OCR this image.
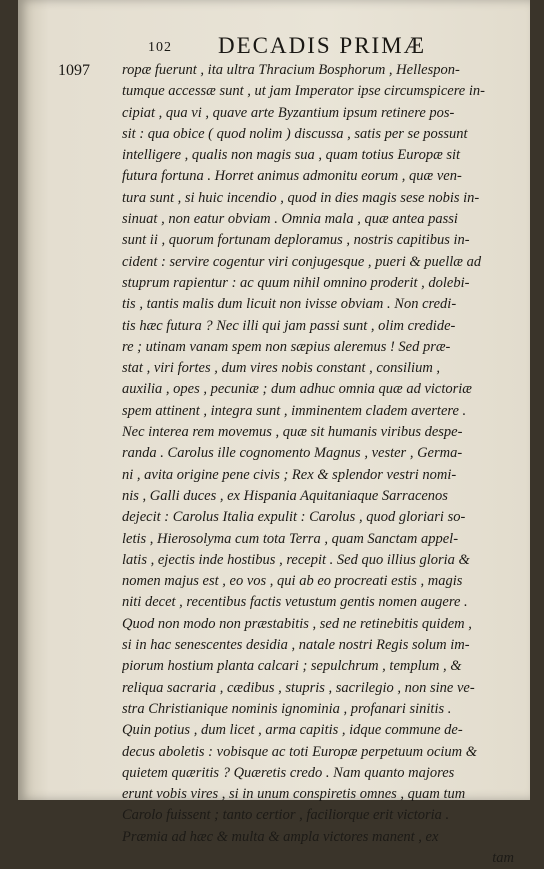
102 DECADIS PRIMÆ
1097 ropæ fuerunt , ita ultra Thracium Bosphorum , Hellespon-
tumque accessæ sunt , ut jam Imperator ipse circumspicere in-
cipiat , qua vi , quave arte Byzantium ipsum retinere pos-
sit : qua obice ( quod nolim ) discussa , satis per se possunt
intelligere , qualis non magis sua , quam totius Europæ sit
futura fortuna . Horret animus admonitu eorum , quæ ven-
tura sunt , si huic incendio , quod in dies magis sese nobis in-
sinuat , non eatur obviam . Omnia mala , quæ antea passi
sunt ii , quorum fortunam deploramus , nostris capitibus in-
cident : servire cogentur viri conjugesque , pueri & puellæ ad
stuprum rapientur : ac quum nihil omnino proderit , dolebi-
tis , tantis malis dum licuit non ivisse obviam . Non credi-
tis hæc futura ? Nec illi qui jam passi sunt , olim credide-
re ; utinam vanam spem non sæpius aleremus ! Sed præ-
stat , viri fortes , dum vires nobis constant , consilium ,
auxilia , opes , pecuniæ ; dum adhuc omnia quæ ad victoriæ
spem attinent , integra sunt , imminentem cladem avertere .
Nec interea rem movemus , quæ sit humanis viribus despe-
randa . Carolus ille cognomento Magnus , vester , Germa-
ni , avita origine pene civis ; Rex & splendor vestri nomi-
nis , Galli duces , ex Hispania Aquitaniaque Sarracenos
dejecit : Carolus Italia expulit : Carolus , quod gloriari so-
letis , Hierosolyma cum tota Terra , quam Sanctam appel-
latis , ejectis inde hostibus , recepit . Sed quo illius gloria &
nomen majus est , eo vos , qui ab eo procreati estis , magis
niti decet , recentibus factis vetustum gentis nomen augere .
Quod non modo non præstabitis , sed ne retinebitis quidem ,
si in hac senescentes desidia , natale nostri Regis solum im-
piorum hostium planta calcari ; sepulchrum , templum , &
reliqua sacraria , cædibus , stupris , sacrilegio , non sine ve-
stra Christianique nominis ignominia , profanari sinitis .
Quin potius , dum licet , arma capitis , idque commune de-
decus aboletis : vobisque ac toti Europæ perpetuum ocium &
quietem quæritis ? Quæretis credo . Nam quanto majores
erunt vobis vires , si in unum conspiretis omnes , quam tum
Carolo fuissent ; tanto certior , faciliorque erit victoria .
Præmia ad hæc & multa & ampla victores manent , ex
tam
